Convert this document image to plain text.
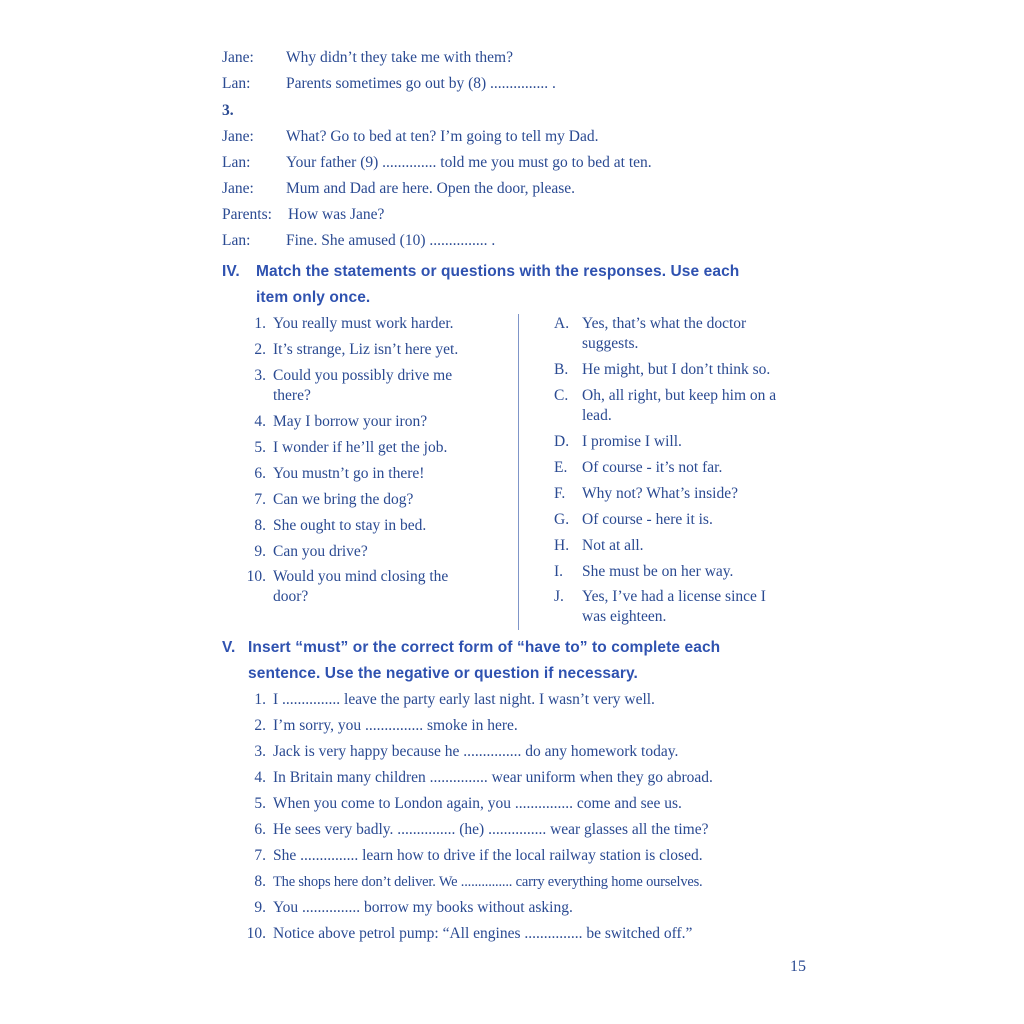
Jane: Why didn’t they take me with them?
Lan: Parents sometimes go out by (8) ............... .
3.
Jane: What? Go to bed at ten? I’m going to tell my Dad.
Lan: Your father (9) .............. told me you must go to bed at ten.
Jane: Mum and Dad are here. Open the door, please.
Parents: How was Jane?
Lan: Fine. She amused (10) ............... .
IV. Match the statements or questions with the responses. Use each
item only once.
1. You really must work harder.
2. It’s strange, Liz isn’t here yet.
3. Could you possibly drive me
there?
4. May I borrow your iron?
5. I wonder if he’ll get the job.
6. You mustn’t go in there!
7. Can we bring the dog?
8. She ought to stay in bed.
9. Can you drive?
10. Would you mind closing the
door?
A. Yes, that’s what the doctor
suggests.
B. He might, but I don’t think so.
C. Oh, all right, but keep him on a
lead.
D. I promise I will.
E. Of course - it’s not far.
F.	Why not? What’s inside?
G. Of course - here it is.
H. Not at all.
I.	She must be on her way.
J.	Yes, I’ve had a license since I
was eighteen.
V. Insert “must” or the correct form of “have to” to complete each
sentence. Use the negative or question if necessary.
1. I ............... leave the party early last night. I wasn’t very well.
2. I’m sorry, you ............... smoke in here.
3. Jack is very happy because he ............... do any homework today.
4. In Britain many children ............... wear uniform when they go abroad.
5. When you come to London again, you ............... come and see us.
6. He sees very badly. ............... (he) ............... wear glasses all the time?
7. She ............... learn how to drive if the local railway station is closed.
8. The shops here don’t deliver. We ............... carry everything home ourselves.
9. You ............... borrow my books without asking.
10. Notice above petrol pump: “All engines ............... be switched off.”
15
